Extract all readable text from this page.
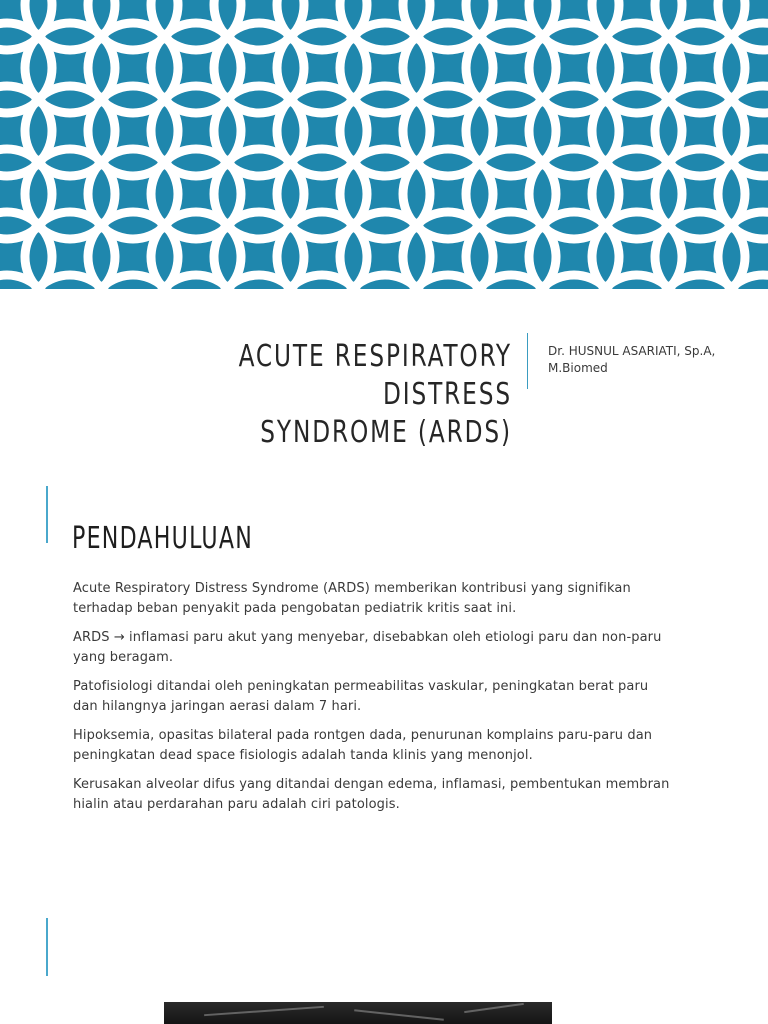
ACUTE RESPIRATORY DISTRESS
SYNDROME (ARDS)
Dr. HUSNUL ASARIATI, Sp.A,
M.Biomed
PENDAHULUAN

Acute Respiratory Distress Syndrome (ARDS) memberikan kontribusi yang signifikan terhadap beban penyakit pada pengobatan pediatrik kritis saat ini.

ARDS → inflamasi paru akut yang menyebar, disebabkan oleh etiologi paru dan non-paru yang beragam.

Patofisiologi ditandai oleh peningkatan permeabilitas vaskular, peningkatan berat paru dan hilangnya jaringan aerasi dalam 7 hari.

Hipoksemia, opasitas bilateral pada rontgen dada, penurunan komplains paru-paru dan peningkatan dead space fisiologis adalah tanda klinis yang menonjol.

Kerusakan alveolar difus yang ditandai dengan edema, inflamasi, pembentukan membran hialin atau perdarahan paru adalah ciri patologis.
